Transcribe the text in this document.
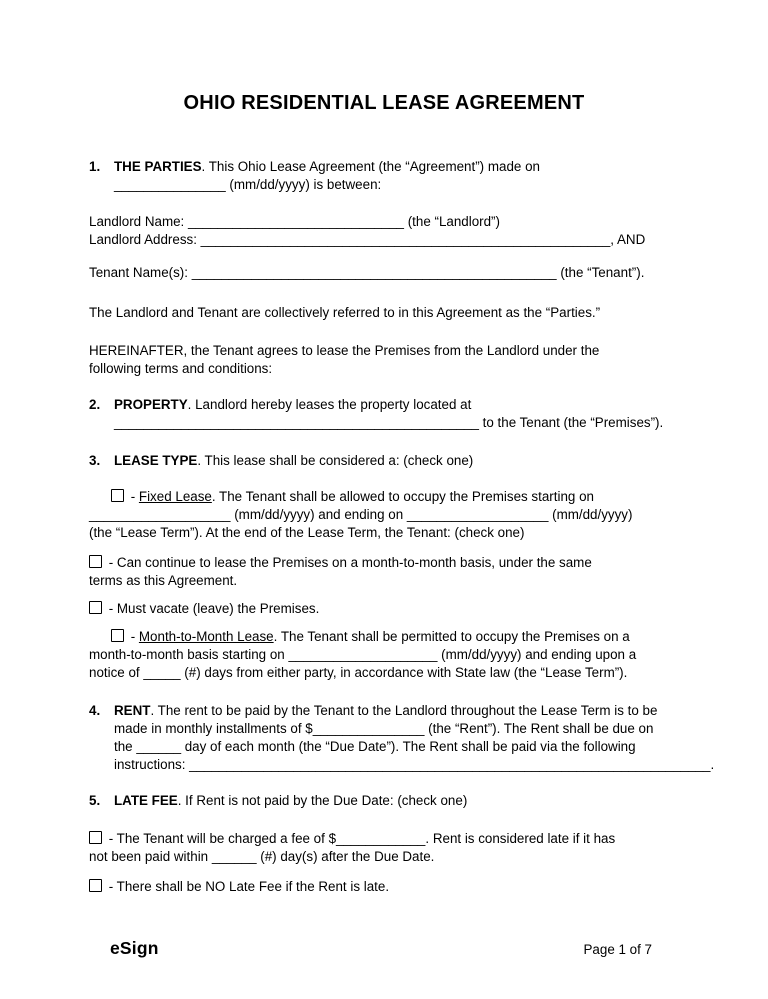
OHIO RESIDENTIAL LEASE AGREEMENT

1. THE PARTIES. This Ohio Lease Agreement (the “Agreement”) made on
_______________ (mm/dd/yyyy) is between:

Landlord Name: _____________________________ (the “Landlord”)
Landlord Address: _______________________________________________________, AND

Tenant Name(s): _________________________________________________ (the “Tenant”).

The Landlord and Tenant are collectively referred to in this Agreement as the “Parties.”

HEREINAFTER, the Tenant agrees to lease the Premises from the Landlord under the
following terms and conditions:

2. PROPERTY. Landlord hereby leases the property located at
_________________________________________________ to the Tenant (the “Premises”).

3. LEASE TYPE. This lease shall be considered a: (check one)

- Fixed Lease. The Tenant shall be allowed to occupy the Premises starting on
___________________ (mm/dd/yyyy) and ending on ___________________ (mm/dd/yyyy)
(the “Lease Term”). At the end of the Lease Term, the Tenant: (check one)

- Can continue to lease the Premises on a month-to-month basis, under the same
terms as this Agreement.

- Must vacate (leave) the Premises.

- Month-to-Month Lease. The Tenant shall be permitted to occupy the Premises on a
month-to-month basis starting on ____________________ (mm/dd/yyyy) and ending upon a
notice of _____ (#) days from either party, in accordance with State law (the “Lease Term”).

4. RENT. The rent to be paid by the Tenant to the Landlord throughout the Lease Term is to be
made in monthly installments of $_______________ (the “Rent”). The Rent shall be due on
the ______ day of each month (the “Due Date”). The Rent shall be paid via the following
instructions: ______________________________________________________________________.

5. LATE FEE. If Rent is not paid by the Due Date: (check one)

- The Tenant will be charged a fee of $____________. Rent is considered late if it has
not been paid within ______ (#) day(s) after the Due Date.

- There shall be NO Late Fee if the Rent is late.

eSign	Page 1 of 7
